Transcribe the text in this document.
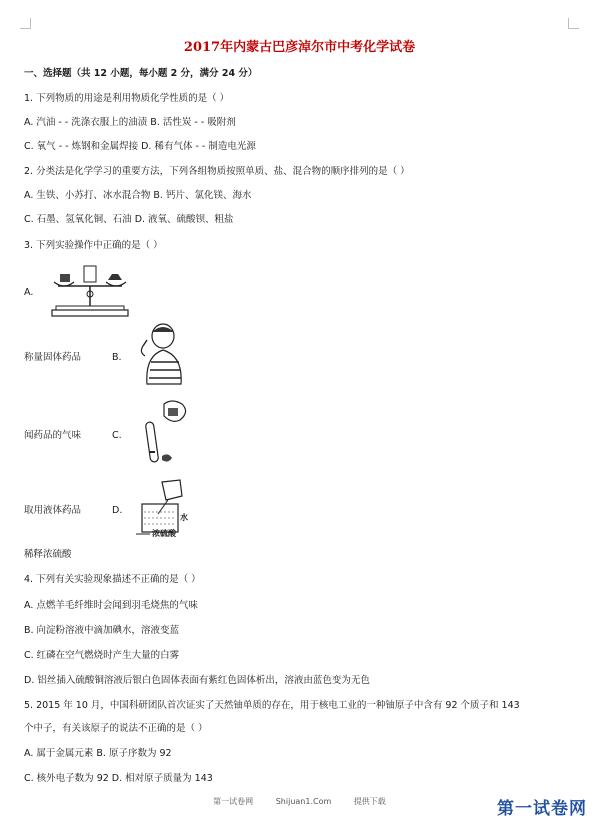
2017年内蒙古巴彦淖尔市中考化学试卷
一、选择题（共 12 小题，每小题 2 分，满分 24 分）
1. 下列物质的用途是利用物质化学性质的是（ ）
A. 汽油 - - 洗涤衣服上的油渍 B. 活性炭 - - 吸附剂
C. 氧气 - - 炼钢和金属焊接 D. 稀有气体 - - 制造电光源
2. 分类法是化学学习的重要方法，下列各组物质按照单质、盐、混合物的顺序排列的是（ ）
A. 生铁、小苏打、冰水混合物 B. 钙片、氯化镁、海水
C. 石墨、氢氧化铜、石油 D. 液氧、硫酸钡、粗盐
3. 下列实验操作中正确的是（ ）
A.
称量固体药品	B.
闻药品的气味	C.
取用液体药品	D.
水
浓硫酸
稀释浓硫酸
4. 下列有关实验现象描述不正确的是（ ）
A. 点燃羊毛纤维时会闻到羽毛烧焦的气味
B. 向淀粉溶液中滴加碘水，溶液变蓝
C. 红磷在空气燃烧时产生大量的白雾
D. 铝丝插入硫酸铜溶液后银白色固体表面有紫红色固体析出，溶液由蓝色变为无色
5. 2015 年 10 月，中国科研团队首次证实了天然铀单质的存在，用于核电工业的一种铀原子中含有 92 个质子和 143
个中子，有关该原子的说法不正确的是（ ）
A. 属于金属元素 B. 原子序数为 92
C. 核外电子数为 92 D. 相对原子质量为 143
第一试卷网	Shijuan1.Com	提供下载	第一试卷网
